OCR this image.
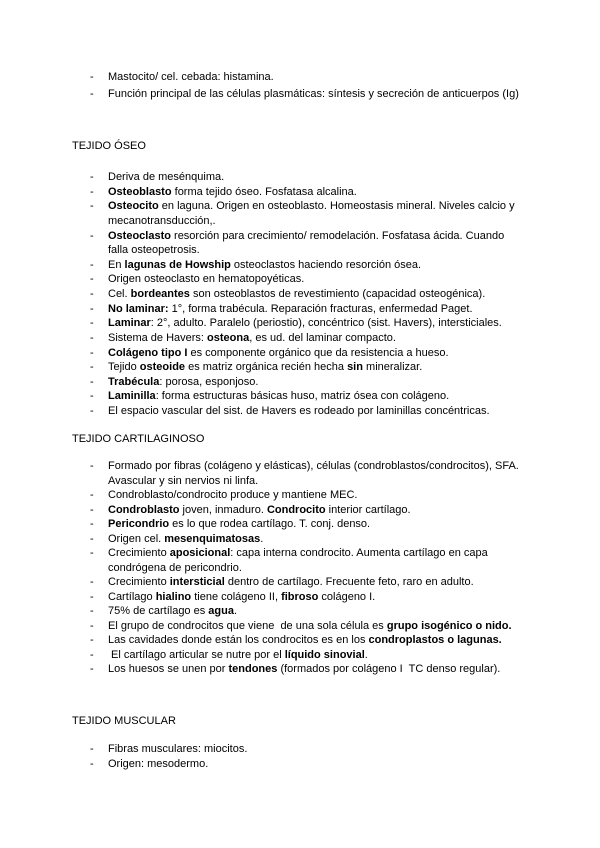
- Mastocito/ cel. cebada: histamina.
- Función principal de las células plasmáticas: síntesis y secreción de anticuerpos (Ig)
TEJIDO ÓSEO
- Deriva de mesénquima.
- Osteoblasto forma tejido óseo. Fosfatasa alcalina.
- Osteocito en laguna. Origen en osteoblasto. Homeostasis mineral. Niveles calcio y
mecanotransducción,.
- Osteoclasto resorción para crecimiento/ remodelación. Fosfatasa ácida. Cuando
falla osteopetrosis.
- En lagunas de Howship osteoclastos haciendo resorción ósea.
- Origen osteoclasto en hematopoyéticas.
- Cel. bordeantes son osteoblastos de revestimiento (capacidad osteogénica).
- No laminar: 1°, forma trabécula. Reparación fracturas, enfermedad Paget.
- Laminar: 2°, adulto. Paralelo (periostio), concéntrico (sist. Havers), intersticiales.
- Sistema de Havers: osteona, es ud. del laminar compacto.
- Colágeno tipo I es componente orgánico que da resistencia a hueso.
- Tejido osteoide es matriz orgánica recién hecha sin mineralizar.
- Trabécula: porosa, esponjoso.
- Laminilla: forma estructuras básicas huso, matriz ósea con colágeno.
- El espacio vascular del sist. de Havers es rodeado por laminillas concéntricas.
TEJIDO CARTILAGINOSO
- Formado por fibras (colágeno y elásticas), células (condroblastos/condrocitos), SFA.
Avascular y sin nervios ni linfa.
- Condroblasto/condrocito produce y mantiene MEC.
- Condroblasto joven, inmaduro. Condrocito interior cartílago.
- Pericondrio es lo que rodea cartílago. T. conj. denso.
- Origen cel. mesenquimatosas.
- Crecimiento aposicional: capa interna condrocito. Aumenta cartílago en capa
condrógena de pericondrio.
- Crecimiento intersticial dentro de cartílago. Frecuente feto, raro en adulto.
- Cartílago hialino tiene colágeno II, fibroso colágeno I.
- 75% de cartílago es agua.
- El grupo de condrocitos que viene  de una sola célula es grupo isogénico o nido.
- Las cavidades donde están los condrocitos es en los condroplastos o lagunas.
- El cartílago articular se nutre por el líquido sinovial.
- Los huesos se unen por tendones (formados por colágeno I  TC denso regular).
TEJIDO MUSCULAR
- Fibras musculares: miocitos.
- Origen: mesodermo.
